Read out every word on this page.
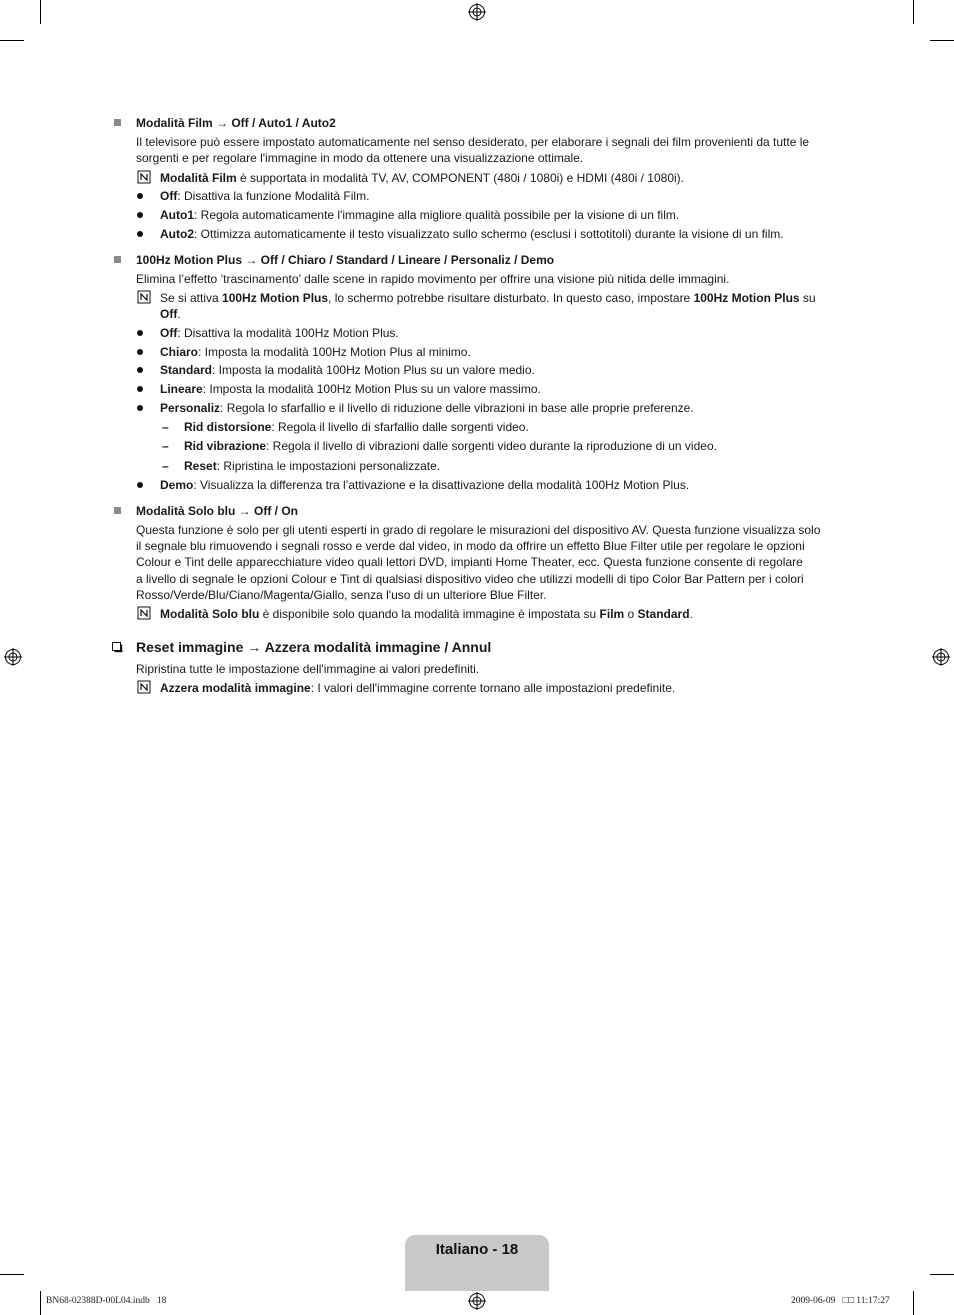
Modalità Film → Off / Auto1 / Auto2
Il televisore può essere impostato automaticamente nel senso desiderato, per elaborare i segnali dei film provenienti da tutte le
sorgenti e per regolare l'immagine in modo da ottenere una visualizzazione ottimale.
Modalità Film è supportata in modalità TV, AV, COMPONENT (480i / 1080i) e HDMI (480i / 1080i).
Off: Disattiva la funzione Modalità Film.
Auto1: Regola automaticamente l'immagine alla migliore qualità possibile per la visione di un film.
Auto2: Ottimizza automaticamente il testo visualizzato sullo schermo (esclusi i sottotitoli) durante la visione di un film.
100Hz Motion Plus → Off / Chiaro / Standard / Lineare / Personaliz / Demo
Elimina l’effetto ’trascinamento’ dalle scene in rapido movimento per offrire una visione più nitida delle immagini.
Se si attiva 100Hz Motion Plus, lo schermo potrebbe risultare disturbato. In questo caso, impostare 100Hz Motion Plus su
Off.
Off: Disattiva la modalità 100Hz Motion Plus.
Chiaro: Imposta la modalità 100Hz Motion Plus al minimo.
Standard: Imposta la modalità 100Hz Motion Plus su un valore medio.
Lineare: Imposta la modalità 100Hz Motion Plus su un valore massimo.
Personaliz: Regola lo sfarfallio e il livello di riduzione delle vibrazioni in base alle proprie preferenze.
– Rid distorsione: Regola il livello di sfarfallio dalle sorgenti video.
– Rid vibrazione: Regola il livello di vibrazioni dalle sorgenti video durante la riproduzione di un video.
– Reset: Ripristina le impostazioni personalizzate.
Demo: Visualizza la differenza tra l’attivazione e la disattivazione della modalità 100Hz Motion Plus.
Modalità Solo blu → Off / On
Questa funzione è solo per gli utenti esperti in grado di regolare le misurazioni del dispositivo AV. Questa funzione visualizza solo
il segnale blu rimuovendo i segnali rosso e verde dal video, in modo da offrire un effetto Blue Filter utile per regolare le opzioni
Colour e Tint delle apparecchiature video quali lettori DVD, impianti Home Theater, ecc. Questa funzione consente di regolare
a livello di segnale le opzioni Colour e Tint di qualsiasi dispositivo video che utilizzi modelli di tipo Color Bar Pattern per i colori
Rosso/Verde/Blu/Ciano/Magenta/Giallo, senza l'uso di un ulteriore Blue Filter.
Modalità Solo blu è disponibile solo quando la modalità immagine è impostata su Film o Standard.
Reset immagine → Azzera modalità immagine / Annul
Ripristina tutte le impostazione dell'immagine ai valori predefiniti.
Azzera modalità immagine: I valori dell'immagine corrente tornano alle impostazioni predefinite.
Italiano - 18
BN68-02388D-00L04.indb   18	2009-06-09   □□ 11:17:27
